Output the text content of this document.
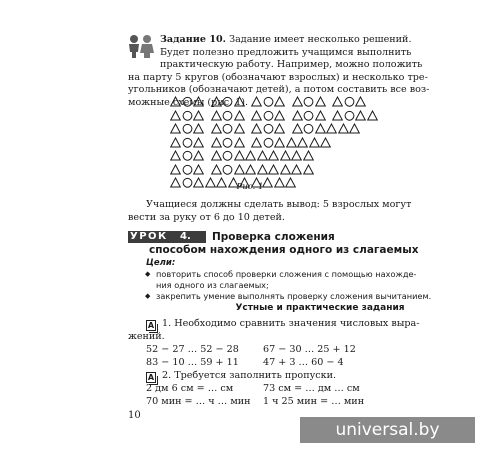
Задание 10. Задание имеет несколько решений.
Будет полезно предложить учащимся выполнить
практическую работу. Например, можно положить
на парту 5 кругов (обозначают взрослых) и несколько тре-
угольников (обозначают детей), а потом составить все воз-
можные схемы (рис. 1).
Рис. 1
Учащиеся должны сделать вывод: 5 взрослых могут
вести за руку от 6 до 10 детей.
УРОК 4. Проверка сложения
способом нахождения одного из слагаемых
Цели:
◆ повторить способ проверки сложения с помощью нахожде-
ния одного из слагаемых;
◆ закрепить умение выполнять проверку сложения вычитанием.
Устные и практические задания
А 1. Необходимо сравнить значения числовых выра-
жений.
52 − 27 … 52 − 28
83 − 10 … 59 + 11
67 − 30 … 25 + 12
47 + 3 … 60 − 4
А 2. Требуется заполнить пропуски.
2 дм 6 см = … см
70 мин = … ч … мин
73 см = … дм … см
1 ч 25 мин = … мин
10
universal.by
